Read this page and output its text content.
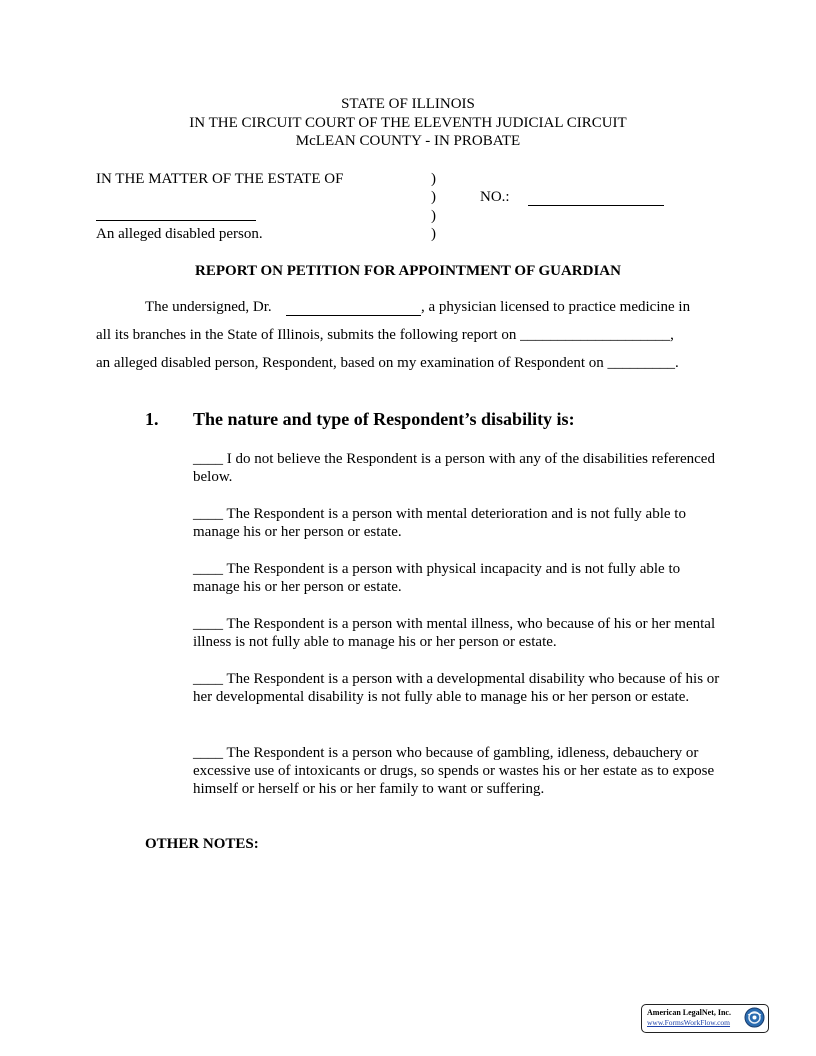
STATE OF ILLINOIS
IN THE CIRCUIT COURT OF THE ELEVENTH JUDICIAL CIRCUIT
McLEAN COUNTY - IN PROBATE
IN THE MATTER OF THE ESTATE OF	)
)
)
)
NO.:
An alleged disabled person.
REPORT ON PETITION FOR APPOINTMENT OF GUARDIAN
The undersigned, Dr.	, a physician licensed to practice medicine in
all its branches in the State of Illinois, submits the following report on ____________________,
an alleged disabled person, Respondent, based on my examination of Respondent on _________.
1. The nature and type of Respondent’s disability is:
____ I do not believe the Respondent is a person with any of the disabilities referenced below.
____ The Respondent is a person with mental deterioration and is not fully able to manage his or her person or estate.
____ The Respondent is a person with physical incapacity and is not fully able to manage his or her person or estate.
____ The Respondent is a person with mental illness, who because of his or her mental illness is not fully able to manage his or her person or estate.
____ The Respondent is a person with a developmental disability who because of his or her developmental disability is not fully able to manage his or her person or estate.
____ The Respondent is a person who because of gambling, idleness, debauchery or excessive use of intoxicants or drugs, so spends or wastes his or her estate as to expose himself or herself or his or her family to want or suffering.
OTHER NOTES:
American LegalNet, Inc.
www.FormsWorkFlow.com
